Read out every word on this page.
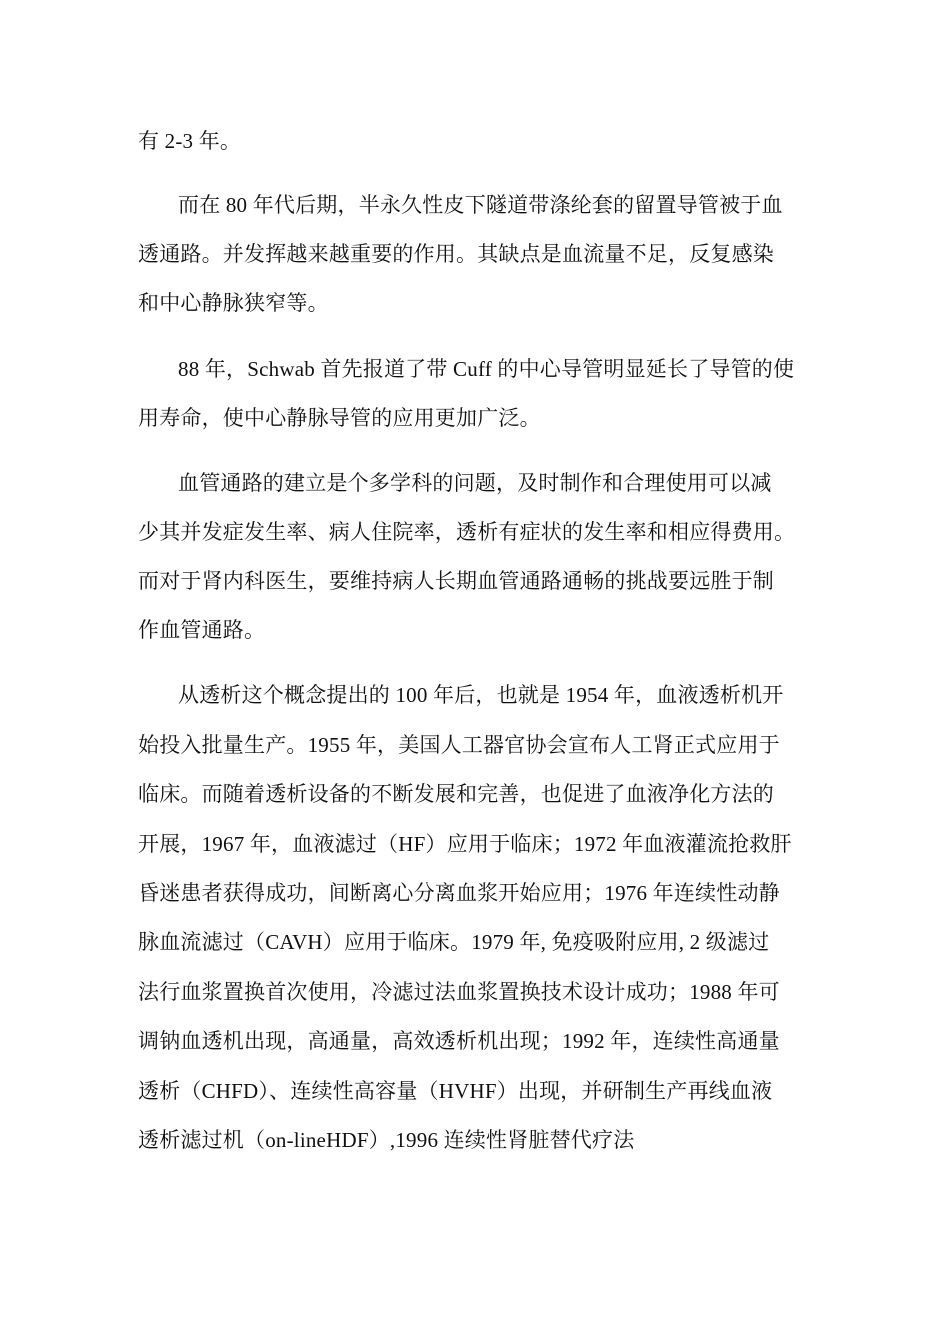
有 2-3 年。
而在 80 年代后期，半永久性皮下隧道带涤纶套的留置导管被于血
透通路。并发挥越来越重要的作用。其缺点是血流量不足，反复感染
和中心静脉狭窄等。
88 年，Schwab 首先报道了带 Cuff 的中心导管明显延长了导管的使
用寿命，使中心静脉导管的应用更加广泛。
血管通路的建立是个多学科的问题，及时制作和合理使用可以减
少其并发症发生率、病人住院率，透析有症状的发生率和相应得费用。
而对于肾内科医生，要维持病人长期血管通路通畅的挑战要远胜于制
作血管通路。
从透析这个概念提出的 100 年后，也就是 1954 年，血液透析机开
始投入批量生产。1955 年，美国人工器官协会宣布人工肾正式应用于
临床。而随着透析设备的不断发展和完善，也促进了血液净化方法的
开展，1967 年，血液滤过（HF）应用于临床；1972 年血液灌流抢救肝
昏迷患者获得成功，间断离心分离血浆开始应用；1976 年连续性动静
脉血流滤过（CAVH）应用于临床。1979 年, 免疫吸附应用, 2 级滤过
法行血浆置换首次使用，冷滤过法血浆置换技术设计成功；1988 年可
调钠血透机出现，高通量，高效透析机出现；1992 年，连续性高通量
透析（CHFD）、连续性高容量（HVHF）出现，并研制生产再线血液
透析滤过机（on-lineHDF）,1996 连续性肾脏替代疗法
